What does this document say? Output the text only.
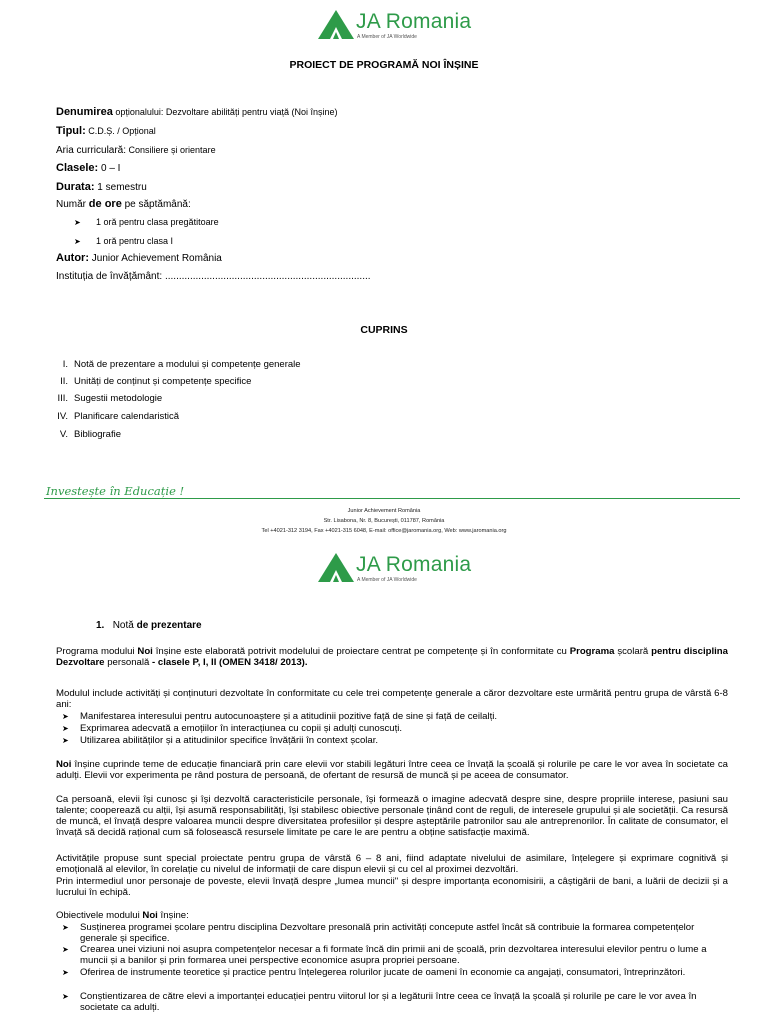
JA Romania
A Member of JA Worldwide
PROIECT DE PROGRAMĂ NOI ÎNȘINE
Denumirea opționalului: Dezvoltare abilități pentru viață (Noi înșine)
Tipul: C.D.Ș. / Opțional
Aria curriculară: Consiliere și orientare
Clasele: 0 – I
Durata: 1 semestru
Număr de ore pe săptămână:
➤ 1 oră pentru clasa pregătitoare
➤ 1 oră pentru clasa I
Autor: Junior Achievement România
Instituția de învățământ: ..........................................................................
CUPRINS
I. Notă de prezentare a modului și competențe generale
II. Unități de conținut și competențe specifice
III. Sugestii metodologie
IV. Planificare calendaristică
V. Bibliografie
Investește în Educație !
Junior Achievement România
Str. Lisabona, Nr. 8, București, 011787, România
Tel +4021-312 3194, Fax +4021-315 6048, E-mail: office@jaromania.org, Web: www.jaromania.org
JA Romania
A Member of JA Worldwide
1. Notă de prezentare
Programa modului Noi înșine este elaborată potrivit modelului de proiectare centrat pe competențe și în conformitate cu Programa școlară pentru disciplina Dezvoltare personală - clasele P, I, II (OMEN 3418/ 2013).
Modulul include activități și conținuturi dezvoltate în conformitate cu cele trei competențe generale a căror dezvoltare este urmărită pentru grupa de vârstă 6-8 ani:
➤ Manifestarea interesului pentru autocunoaștere și a atitudinii pozitive față de sine și față de ceilalți.
➤ Exprimarea adecvată a emoțiilor în interacțiunea cu copii și adulți cunoscuți.
➤ Utilizarea abilităților și a atitudinilor specifice învățării în context școlar.
Noi înșine cuprinde teme de educație financiară prin care elevii vor stabili legături între ceea ce învață la școală și rolurile pe care le vor avea în societate ca adulți. Elevii vor experimenta pe rând postura de persoană, de ofertant de resursă de muncă și pe aceea de consumator.
Ca persoană, elevii își cunosc și își dezvoltă caracteristicile personale, își formează o imagine adecvată despre sine, despre propriile interese, pasiuni sau talente; cooperează cu alții, își asumă responsabilități, își stabilesc obiective personale ținând cont de reguli, de interesele grupului și ale societății. Ca resursă de muncă, el învață despre valoarea muncii despre diversitatea profesiilor și despre așteptările patronilor sau ale antreprenorilor. În calitate de consumator, el învață să decidă rațional cum să folosească resursele limitate pe care le are pentru a obține satisfacție maximă.
Activitățile propuse sunt special proiectate pentru grupa de vârstă 6 – 8 ani, fiind adaptate nivelului de asimilare, înțelegere și exprimare cognitivă și emoțională al elevilor, în corelație cu nivelul de informații de care dispun elevii și cu cel al proximei dezvoltări.
Prin intermediul unor personaje de poveste, elevii învață despre „lumea muncii" și despre importanța economisirii, a câștigării de bani, a luării de decizii și a lucrului în echipă.
Obiectivele modului Noi înșine:
➤ Susținerea programei școlare pentru disciplina Dezvoltare presonală prin activități concepute astfel încât să contribuie la formarea competențelor generale și specifice.
➤ Crearea unei viziuni noi asupra competențelor necesar a fi formate încă din primii ani de școală, prin dezvoltarea interesului elevilor pentru o lume a muncii și a banilor și prin formarea unei perspective economice asupra propriei persoane.
➤ Oferirea de instrumente teoretice și practice pentru înțelegerea rolurilor jucate de oameni în economie ca angajați, consumatori, întreprinzători.
➤ Conștientizarea de către elevi a importanței educației pentru viitorul lor și a legăturii între ceea ce învață la școală și rolurile pe care le vor avea în societate ca adulți.
